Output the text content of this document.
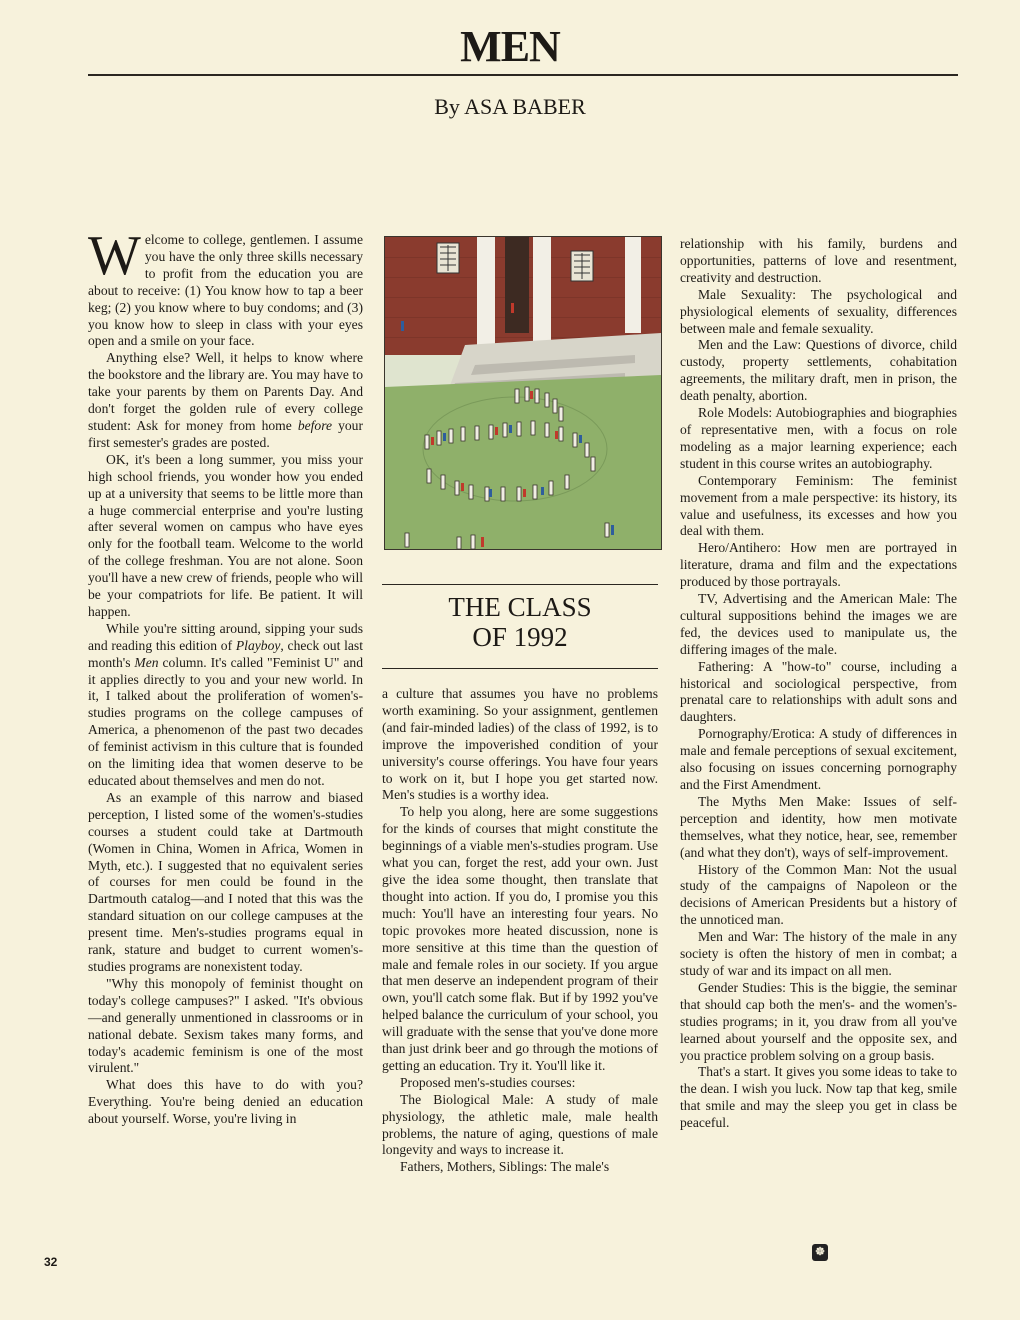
MEN
By ASA BABER

Welcome to college, gentlemen. I assume you have the only three skills necessary to profit from the education you are about to receive: (1) You know how to tap a beer keg; (2) you know where to buy condoms; and (3) you know how to sleep in class with your eyes open and a smile on your face.

Anything else? Well, it helps to know where the bookstore and the library are. You may have to take your parents by them on Parents Day. And don't forget the golden rule of every college student: Ask for money from home before your first semester's grades are posted.

OK, it's been a long summer, you miss your high school friends, you wonder how you ended up at a university that seems to be little more than a huge commercial enterprise and you're lusting after several women on campus who have eyes only for the football team. Welcome to the world of the college freshman. You are not alone. Soon you'll have a new crew of friends, people who will be your compatriots for life. Be patient. It will happen.

While you're sitting around, sipping your suds and reading this edition of Playboy, check out last month's Men column. It's called "Feminist U" and it applies directly to you and your new world. In it, I talked about the proliferation of women's-studies programs on the college campuses of America, a phenomenon of the past two decades of feminist activism in this culture that is founded on the limiting idea that women deserve to be educated about themselves and men do not.

As an example of this narrow and biased perception, I listed some of the women's-studies courses a student could take at Dartmouth (Women in China, Women in Africa, Women in Myth, etc.). I suggested that no equivalent series of courses for men could be found in the Dartmouth catalog—and I noted that this was the standard situation on our college campuses at the present time. Men's-studies programs equal in rank, stature and budget to current women's-studies programs are nonexistent today.

"Why this monopoly of feminist thought on today's college campuses?" I asked. "It's obvious—and generally unmentioned in classrooms or in national debate. Sexism takes many forms, and today's academic feminism is one of the most virulent."

What does this have to do with you? Everything. You're being denied an education about yourself. Worse, you're living in

THE CLASS
OF 1992

a culture that assumes you have no problems worth examining. So your assignment, gentlemen (and fair-minded ladies) of the class of 1992, is to improve the impoverished condition of your university's course offerings. You have four years to work on it, but I hope you get started now. Men's studies is a worthy idea.

To help you along, here are some suggestions for the kinds of courses that might constitute the beginnings of a viable men's-studies program. Use what you can, forget the rest, add your own. Just give the idea some thought, then translate that thought into action. If you do, I promise you this much: You'll have an interesting four years. No topic provokes more heated discussion, none is more sensitive at this time than the question of male and female roles in our society. If you argue that men deserve an independent program of their own, you'll catch some flak. But if by 1992 you've helped balance the curriculum of your school, you will graduate with the sense that you've done more than just drink beer and go through the motions of getting an education. Try it. You'll like it.

Proposed men's-studies courses:

The Biological Male: A study of male physiology, the athletic male, male health problems, the nature of aging, questions of male longevity and ways to increase it.

Fathers, Mothers, Siblings: The male's

relationship with his family, burdens and opportunities, patterns of love and resentment, creativity and destruction.

Male Sexuality: The psychological and physiological elements of sexuality, differences between male and female sexuality.

Men and the Law: Questions of divorce, child custody, property settlements, cohabitation agreements, the military draft, men in prison, the death penalty, abortion.

Role Models: Autobiographies and biographies of representative men, with a focus on role modeling as a major learning experience; each student in this course writes an autobiography.

Contemporary Feminism: The feminist movement from a male perspective: its history, its value and usefulness, its excesses and how you deal with them.

Hero/Antihero: How men are portrayed in literature, drama and film and the expectations produced by those portrayals.

TV, Advertising and the American Male: The cultural suppositions behind the images we are fed, the devices used to manipulate us, the differing images of the male.

Fathering: A "how-to" course, including a historical and sociological perspective, from prenatal care to relationships with adult sons and daughters.

Pornography/Erotica: A study of differences in male and female perceptions of sexual excitement, also focusing on issues concerning pornography and the First Amendment.

The Myths Men Make: Issues of self-perception and identity, how men motivate themselves, what they notice, hear, see, remember (and what they don't), ways of self-improvement.

History of the Common Man: Not the usual study of the campaigns of Napoleon or the decisions of American Presidents but a history of the unnoticed man.

Men and War: The history of the male in any society is often the history of men in combat; a study of war and its impact on all men.

Gender Studies: This is the biggie, the seminar that should cap both the men's- and the women's-studies programs; in it, you draw from all you've learned about yourself and the opposite sex, and you practice problem solving on a group basis.

That's a start. It gives you some ideas to take to the dean. I wish you luck. Now tap that keg, smile that smile and may the sleep you get in class be peaceful.

☸
32
